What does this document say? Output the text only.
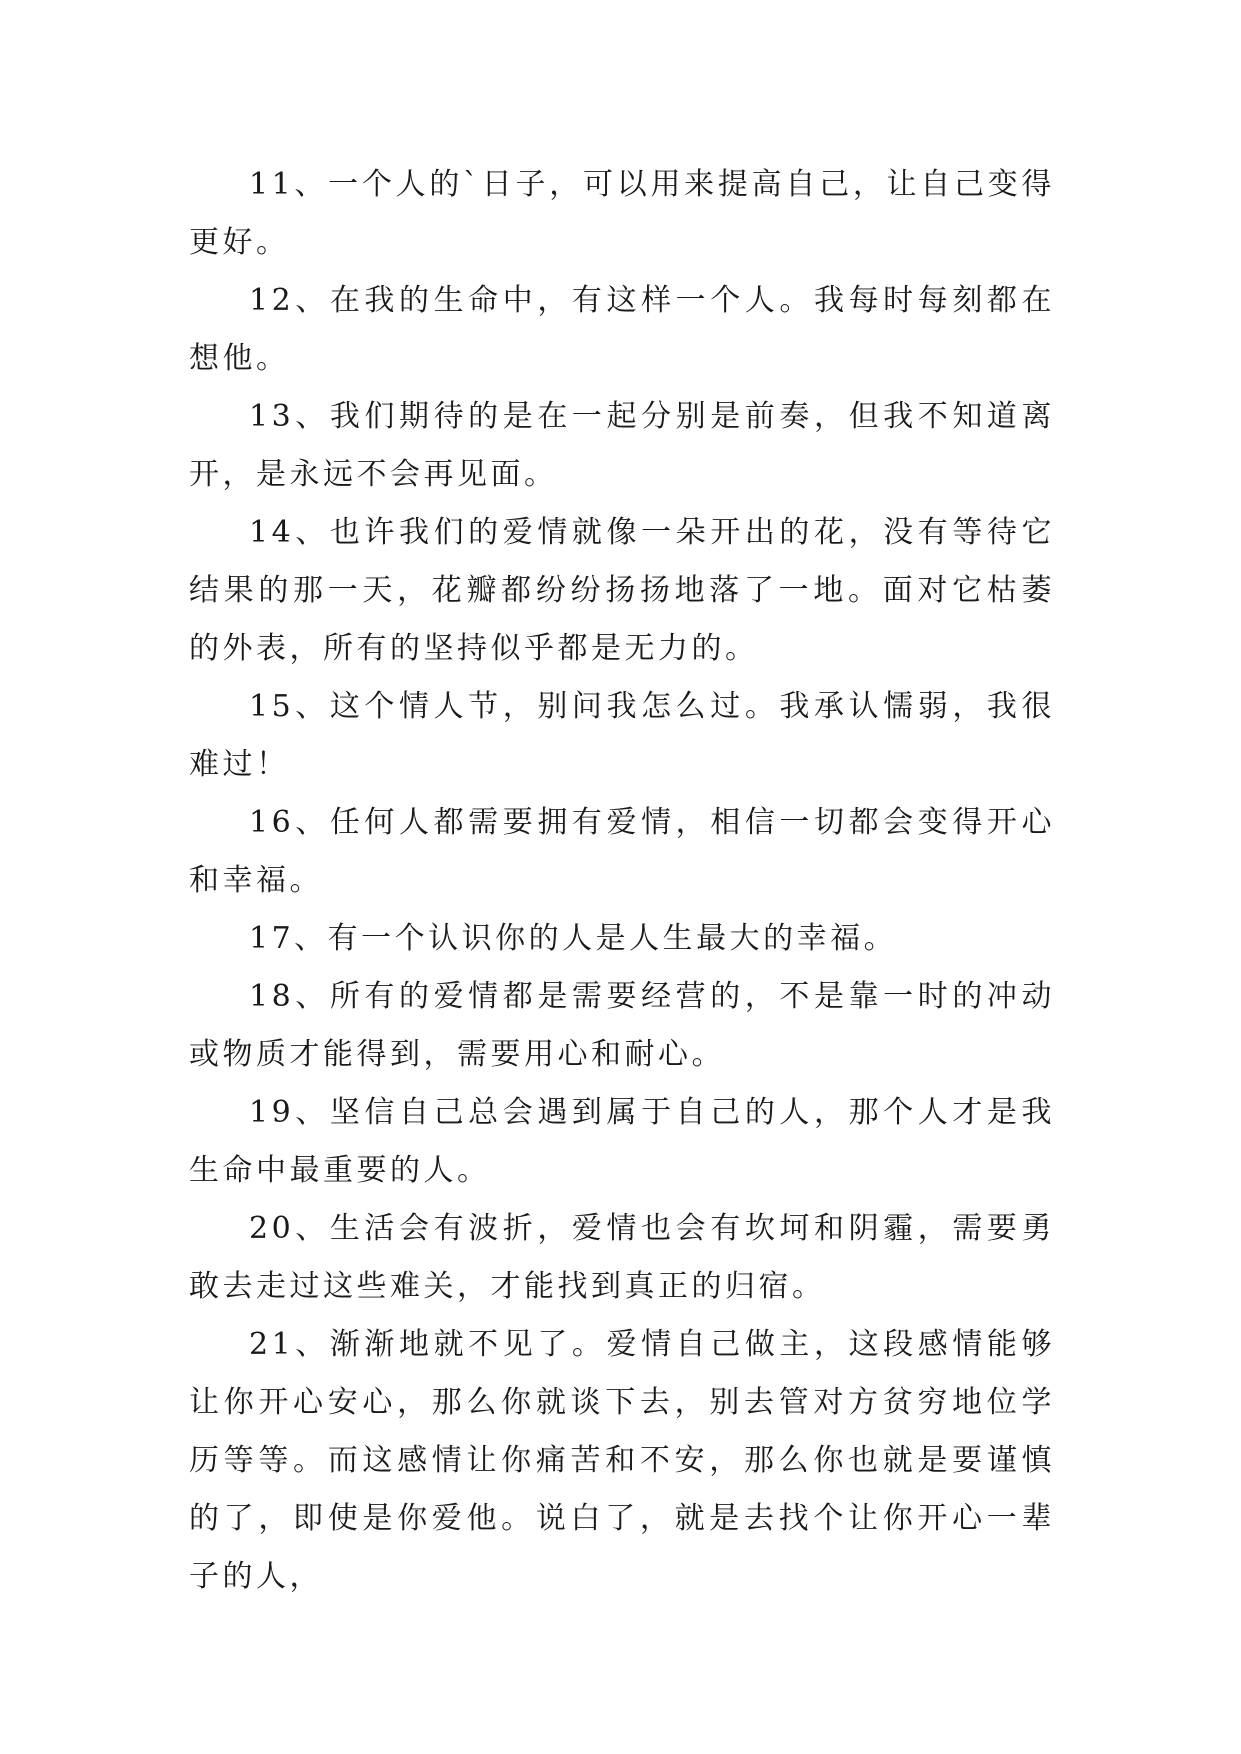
11、一个人的`日子，可以用来提高自己，让自己变得更好。

12、在我的生命中，有这样一个人。我每时每刻都在想他。

13、我们期待的是在一起分别是前奏，但我不知道离开，是永远不会再见面。

14、也许我们的爱情就像一朵开出的花，没有等待它结果的那一天，花瓣都纷纷扬扬地落了一地。面对它枯萎的外表，所有的坚持似乎都是无力的。

15、这个情人节，别问我怎么过。我承认懦弱，我很难过！

16、任何人都需要拥有爱情，相信一切都会变得开心和幸福。

17、有一个认识你的人是人生最大的幸福。

18、所有的爱情都是需要经营的，不是靠一时的冲动或物质才能得到，需要用心和耐心。

19、坚信自己总会遇到属于自己的人，那个人才是我生命中最重要的人。

20、生活会有波折，爱情也会有坎坷和阴霾，需要勇敢去走过这些难关，才能找到真正的归宿。

21、渐渐地就不见了。爱情自己做主，这段感情能够让你开心安心，那么你就谈下去，别去管对方贫穷地位学历等等。而这感情让你痛苦和不安，那么你也就是要谨慎的了，即使是你爱他。说白了，就是去找个让你开心一辈子的人，
